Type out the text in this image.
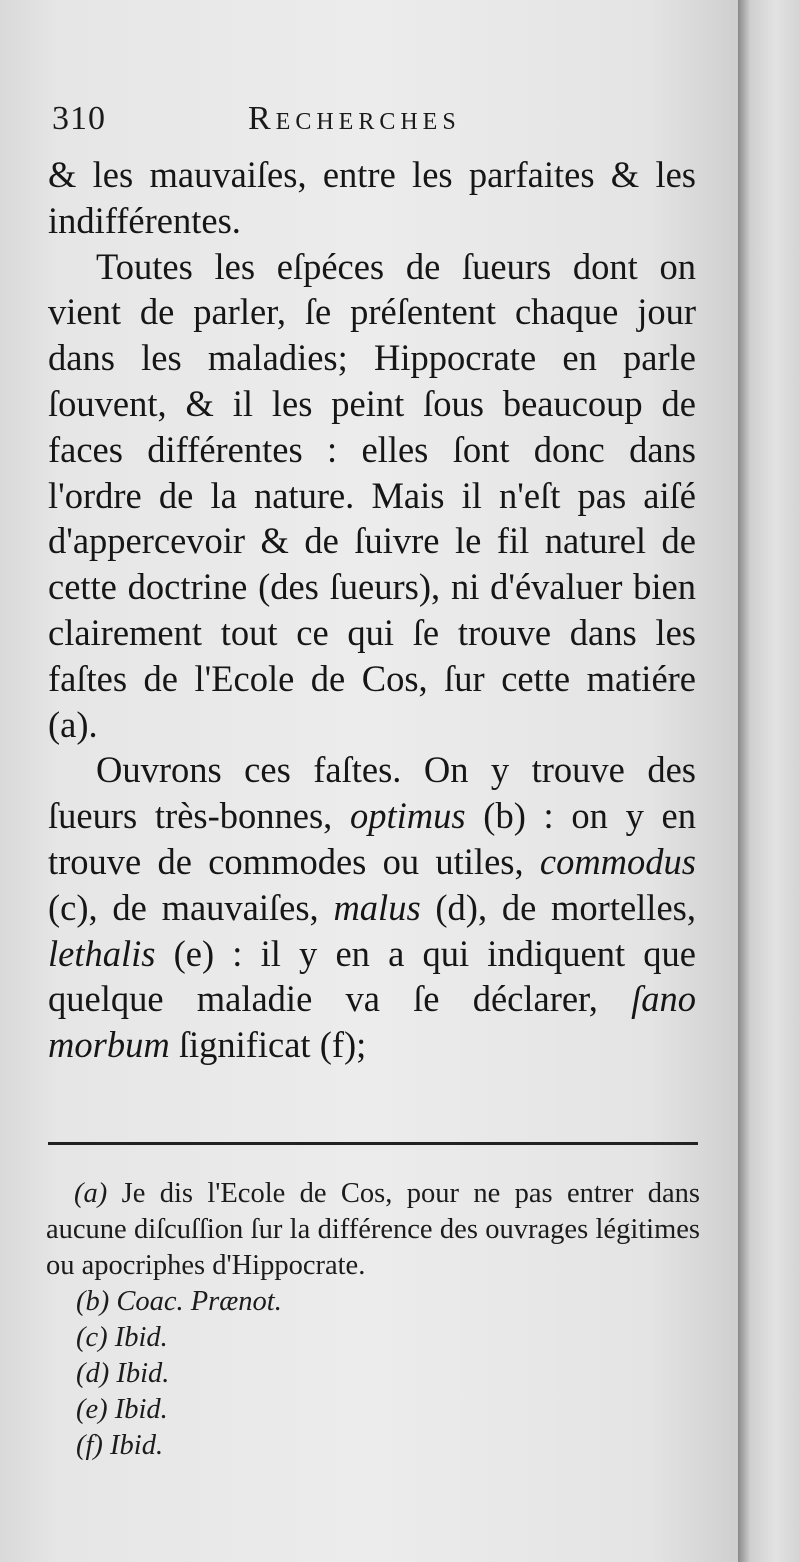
310	Recherches

& les mauvaiſes, entre les parfaites & les indifférentes.

Toutes les eſpéces de ſueurs dont on vient de parler, ſe préſentent chaque jour dans les maladies; Hippocrate en parle ſouvent, & il les peint ſous beaucoup de faces différentes : elles ſont donc dans l'ordre de la nature. Mais il n'eſt pas aiſé d'appercevoir & de ſuivre le fil naturel de cette doctrine (des ſueurs), ni d'évaluer bien clairement tout ce qui ſe trouve dans les faſtes de l'Ecole de Cos, ſur cette matiére (a).

Ouvrons ces faſtes. On y trouve des ſueurs très-bonnes, optimus (b) : on y en trouve de commodes ou utiles, commodus (c), de mauvaiſes, malus (d), de mortelles, lethalis (e) : il y en a qui indiquent que quelque maladie va ſe déclarer, ſano morbum ſignificat (f);

(a) Je dis l'Ecole de Cos, pour ne pas entrer dans aucune diſcuſſion ſur la différence des ouvrages légitimes ou apocriphes d'Hippocrate.

(b) Coac. Prænot.

(c) Ibid.

(d) Ibid.

(e) Ibid.

(f) Ibid.
